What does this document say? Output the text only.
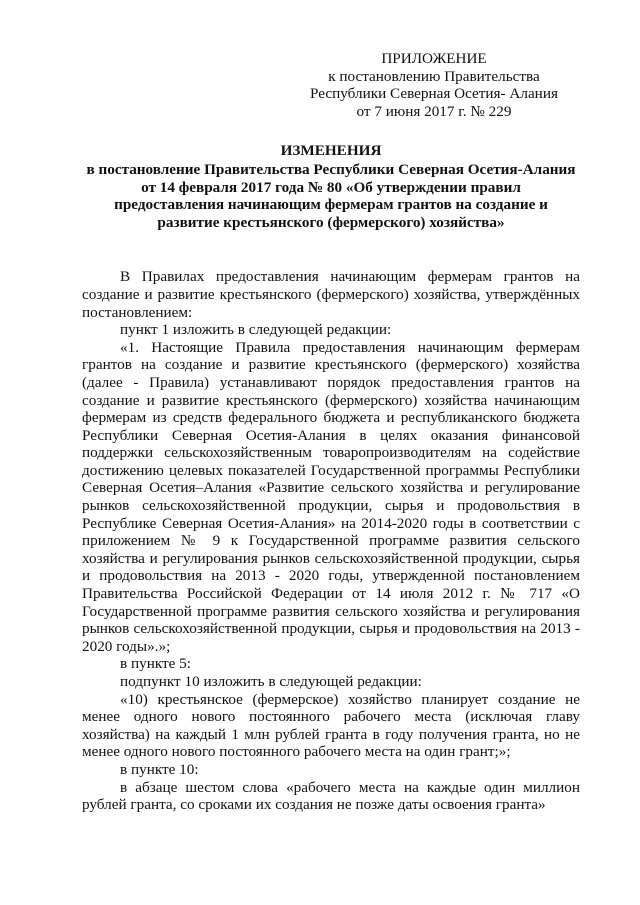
ПРИЛОЖЕНИЕ
к постановлению Правительства
Республики Северная Осетия- Алания
от 7 июня 2017 г. № 229
ИЗМЕНЕНИЯ
в постановление Правительства Республики Северная Осетия-Алания
от 14 февраля 2017 года № 80 «Об утверждении правил
предоставления начинающим фермерам грантов на создание и
развитие крестьянского (фермерского) хозяйства»

В Правилах предоставления начинающим фермерам грантов на создание и развитие крестьянского (фермерского) хозяйства, утверждённых постановлением:

пункт 1 изложить в следующей редакции:

«1. Настоящие Правила предоставления начинающим фермерам грантов на создание и развитие крестьянского (фермерского) хозяйства (далее - Правила) устанавливают порядок предоставления грантов на создание и развитие крестьянского (фермерского) хозяйства начинающим фермерам из средств федерального бюджета и республиканского бюджета Республики Северная Осетия-Алания в целях оказания финансовой поддержки сельскохозяйственным товаропроизводителям на содействие достижению целевых показателей Государственной программы Республики Северная Осетия–Алания «Развитие сельского хозяйства и регулирование рынков сельскохозяйственной продукции, сырья и продовольствия в Республике Северная Осетия-Алания» на 2014-2020 годы в соответствии с приложением № 9 к Государственной программе развития сельского хозяйства и регулирования рынков сельскохозяйственной продукции, сырья и продовольствия на 2013 - 2020 годы, утвержденной постановлением Правительства Российской Федерации от 14 июля 2012 г. № 717 «О Государственной программе развития сельского хозяйства и регулирования рынков сельскохозяйственной продукции, сырья и продовольствия на 2013 - 2020 годы».»;

в пункте 5:

подпункт 10 изложить в следующей редакции:

«10) крестьянское (фермерское) хозяйство планирует создание не менее одного нового постоянного рабочего места (исключая главу хозяйства) на каждый 1 млн рублей гранта в году получения гранта, но не менее одного нового постоянного рабочего места на один грант;»;

в пункте 10:

в абзаце шестом слова «рабочего места на каждые один миллион рублей гранта, со сроками их создания не позже даты освоения гранта»
